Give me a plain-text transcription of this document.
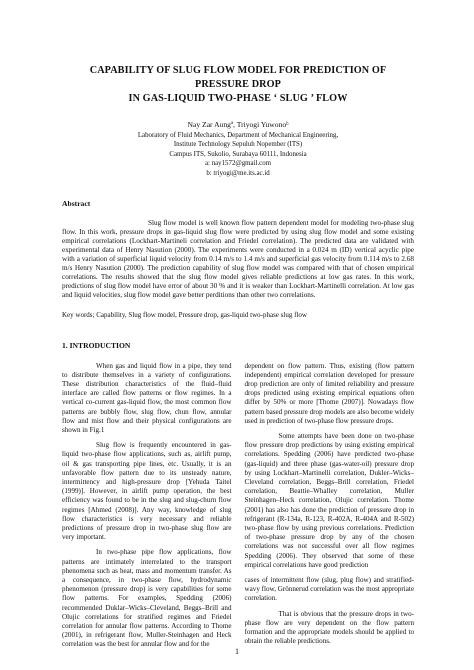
CAPABILITY OF SLUG FLOW MODEL FOR PREDICTION OF PRESSURE DROP
IN GAS-LIQUID TWO-PHASE ‘ SLUG ’ FLOW
Nay Zar Aungª, Triyogi Yuwonoᵇ
Laboratory of Fluid Mechanics, Department of Mechanical Engineering,
Institute Technology Sepuluh Nopember (ITS)
Campus ITS, Sukolio, Surabaya 60111, Indonesia
a: nay1572@gmail.com
b: triyogi@me.its.ac.id
Abstract
Slug flow model is well known flow pattern dependent model for modeling two-phase slug flow. In this work, pressure drops in gas-liquid slug flow were predicted by using slug flow model and some existing empirical correlations (Lockhart-Martineli correlation and Friedel correlation). The predicted data are validated with experimental data of Henry Nasution (2000). The experiments were conducted in a 0.024 m (ID) vertical acyclic pipe with a variation of superficial liquid velocity from 0.14 m/s to 1.4 m/s and superficial gas velocity from 0.114 m/s to 2.68 m/s Henry Nasution (2000). The prediction capability of slug flow model was compared with that of chosen empirical correlations. The results showed that the slug flow model gives reliable predictions at low gas rates. In this work, predictions of slug flow model have error of about 30 % and it is weaker than Lockhart-Martinelli correlation. At low gas and liquid velocities, slug flow model gave better perditions than other two correlations.
Key words; Capability, Slug flow model, Pressure drop, gas-liquid two-phase slug flow
1. INTRODUCTION

When gas and liquid flow in a pipe, they tend to distribute themselves in a variety of configurations. These distribution characteristics of the fluid–fluid interface are called flow patterns or flow regimes. In a vertical co-current gas-liquid flow, the most common flow patterns are bubbly flow, slug flow, chun flow, annular flow and mist flow and their physical configurations are shown in Fig.1

Slug flow is frequently encountered in gas-liquid two-phase flow applications, such as, airlift pump, oil & gas transporting pipe lines, etc. Usually, it is an unfavorable flow pattern due to its unsteady nature, intermittency and high-pressure drop [Yehuda Taitel (1999)]. However, in airlift pump operation, the best efficiency was found to be in the slug and slug-churn flow regimes [Ahmed (2008)]. Any way, knowledge of slug flow characteristics is very necessary and reliable predictions of pressure drop in two-phase slug flow are very important.

In two-phase pipe flow applications, flow patterns are intimately interrelated to the transport phenomena such as heat, mass and momentum transfer. As a consequence, in two-phase flow, hydrodynamic phenomenon (pressure drop) is very capabilities for some flow patterns. For examples, Spedding (2006) recommended Duklar–Wicks–Cleveland, Beggs–Brill and Olujic correlations for stratified regimes and Friedel correlation for annular flow patterns. According to Thome (2001), in refrigerant flow, Muller-Steinhagen and Heck correlation was the best for annular flow and for the

dependent on flow pattern. Thus, existing (flow pattern independent) empirical correlation developed for pressure drop prediction are only of limited reliability and pressure drops predicted using existing empirical equations often differ by 50% or more [Thome (2007)]. Nowadays flow pattern based pressure drop models are also become widely used in prediction of two-phase flow pressure drops.

Some attempts have been done on two-phase flow pressure drop predictions by using existing empirical correlations. Spedding (2006) have predicted two-phase (gas-liquid) and three phase (gas-water-oil) pressure drop by using Lockhart–Martinelli correlation, Dukler–Wicks–Cleveland correlation, Beggs–Brill correlation, Friedel correlation, Beattie–Whalley correlation, Muller Steinhagen–Heck correlation, Olujic correlation. Thome (2001) has also has done the prediction of pressure drop in refrigerant (R-134a, R-123, R-402A, R-404A and R-502) two-phase flow by using previous correlations. Prediction of two-phase pressure drop by any of the chosen correlations was not successful over all flow regimes Spedding (2006). They observed that some of these empirical correlations have good prediction

cases of intermittent flow (slug, plug flow) and stratified-wavy flow, Grönnerud correlation was the most appropriate correlation.

That is obvious that the pressure drops in two-phase flow are very dependent on the flow pattern formation and the appropriate models should be applied to obtain the reliable predictions.

1
